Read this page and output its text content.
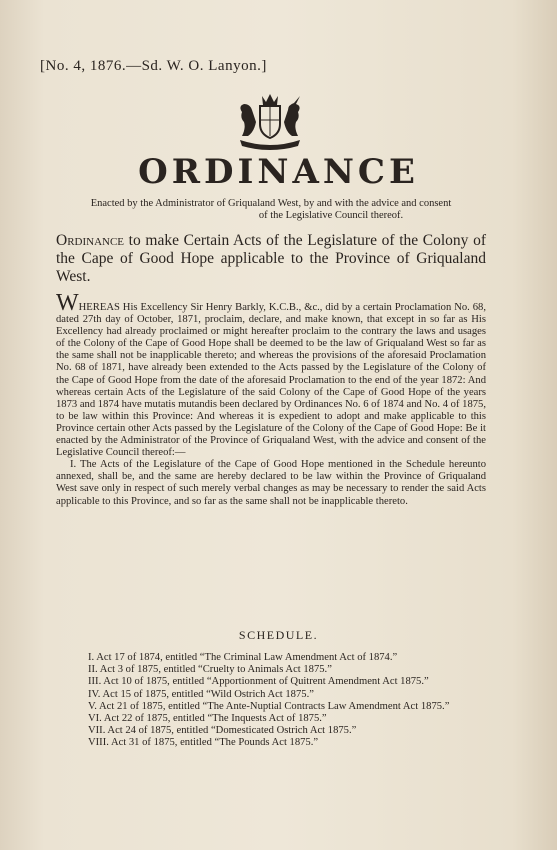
[No. 4, 1876.—Sd. W. O. Lanyon.]
ORDINANCE
Enacted by the Administrator of Griqualand West, by and with the advice and consent
of the Legislative Council thereof.
Ordinance to make Certain Acts of the Legislature of the Colony of the Cape of Good Hope applicable to the Province of Griqualand West.

WHEREAS His Excellency Sir Henry Barkly, K.C.B., &c., did by a certain Proclamation No. 68, dated 27th day of October, 1871, proclaim, declare, and make known, that except in so far as His Excellency had already proclaimed or might hereafter proclaim to the contrary the laws and usages of the Colony of the Cape of Good Hope shall be deemed to be the law of Griqualand West so far as the same shall not be inapplicable thereto; and whereas the provisions of the aforesaid Proclamation No. 68 of 1871, have already been extended to the Acts passed by the Legislature of the Colony of the Cape of Good Hope from the date of the aforesaid Proclamation to the end of the year 1872: And whereas certain Acts of the Legislature of the said Colony of the Cape of Good Hope of the years 1873 and 1874 have mutatis mutandis been declared by Ordinances No. 6 of 1874 and No. 4 of 1875, to be law within this Province: And whereas it is expedient to adopt and make applicable to this Province certain other Acts passed by the Legislature of the Colony of the Cape of Good Hope: Be it enacted by the Administrator of the Province of Griqualand West, with the advice and consent of the Legislative Council thereof:—

I. The Acts of the Legislature of the Cape of Good Hope mentioned in the Schedule hereunto annexed, shall be, and the same are hereby declared to be law within the Province of Griqualand West save only in respect of such merely verbal changes as may be necessary to render the said Acts applicable to this Province, and so far as the same shall not be inapplicable thereto.

SCHEDULE.

I. Act 17 of 1874, entitled “The Criminal Law Amendment Act of 1874.”

II. Act 3 of 1875, entitled “Cruelty to Animals Act 1875.”

III. Act 10 of 1875, entitled “Apportionment of Quitrent Amendment Act 1875.”

IV. Act 15 of 1875, entitled “Wild Ostrich Act 1875.”

V. Act 21 of 1875, entitled “The Ante-Nuptial Contracts Law Amendment Act 1875.”

VI. Act 22 of 1875, entitled “The Inquests Act of 1875.”

VII. Act 24 of 1875, entitled “Domesticated Ostrich Act 1875.”

VIII. Act 31 of 1875, entitled “The Pounds Act 1875.”
